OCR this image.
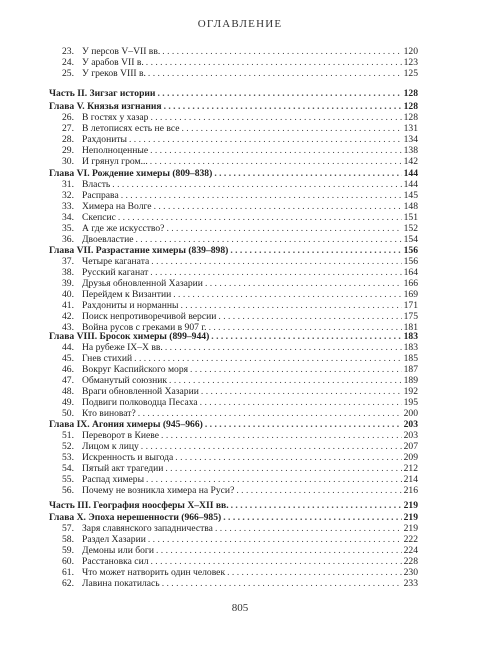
ОГЛАВЛЕНИЕ
23. У персов V–VII вв. . . .	120
24. У арабов VII в. . . .	123
25. У греков VIII в. . . .	125
Часть II. Зигзаг истории . . .	128
Глава V. Князья изгнания . . .	128
26. В гостях у хазар . . .	128
27. В летописях есть не все . . .	131
28. Рахдониты . . .	134
29. Неполноценные . . .	138
30. И грянул гром... . . .	142
Глава VI. Рождение химеры (809–838) . . .	144
31. Власть . . .	144
32. Расправа . . .	145
33. Химера на Волге . . .	148
34. Скепсис . . .	151
35. А где же искусство? . . .	152
36. Двоевластие . . .	154
Глава VII. Разрастание химеры (839–898) . . .	156
37. Четыре каганата . . .	156
38. Русский каганат . . .	164
39. Друзья обновленной Хазарии . . .	166
40. Перейдем к Византии . . .	169
41. Рахдониты и норманны . . .	171
42. Поиск непротиворечивой версии . . .	175
43. Война русов с греками в 907 г. . . .	181
Глава VIII. Бросок химеры (899–944) . . .	183
44. На рубеже IX–X вв. . . .	183
45. Гнев стихий . . .	185
46. Вокруг Каспийского моря . . .	187
47. Обманутый союзник . . .	189
48. Враги обновленной Хазарии . . .	192
49. Подвиги полководца Песаха . . .	195
50. Кто виноват? . . .	200
Глава IX. Агония химеры (945–966) . . .	203
51. Переворот в Киеве . . .	203
52. Лицом к лицу . . .	207
53. Искренность и выгода . . .	209
54. Пятый акт трагедии . . .	212
55. Распад химеры . . .	214
56. Почему не возникла химера на Руси? . . .	216
Часть III. География ноосферы X–XII вв. . . .	219
Глава X. Эпоха нерешенности (966–985) . . .	219
57. Заря славянского западничества . . .	219
58. Раздел Хазарии . . .	222
59. Демоны или боги . . .	224
60. Расстановка сил . . .	228
61. Что может натворить один человек . . .	230
62. Лавина покатилась . . .	233
805
